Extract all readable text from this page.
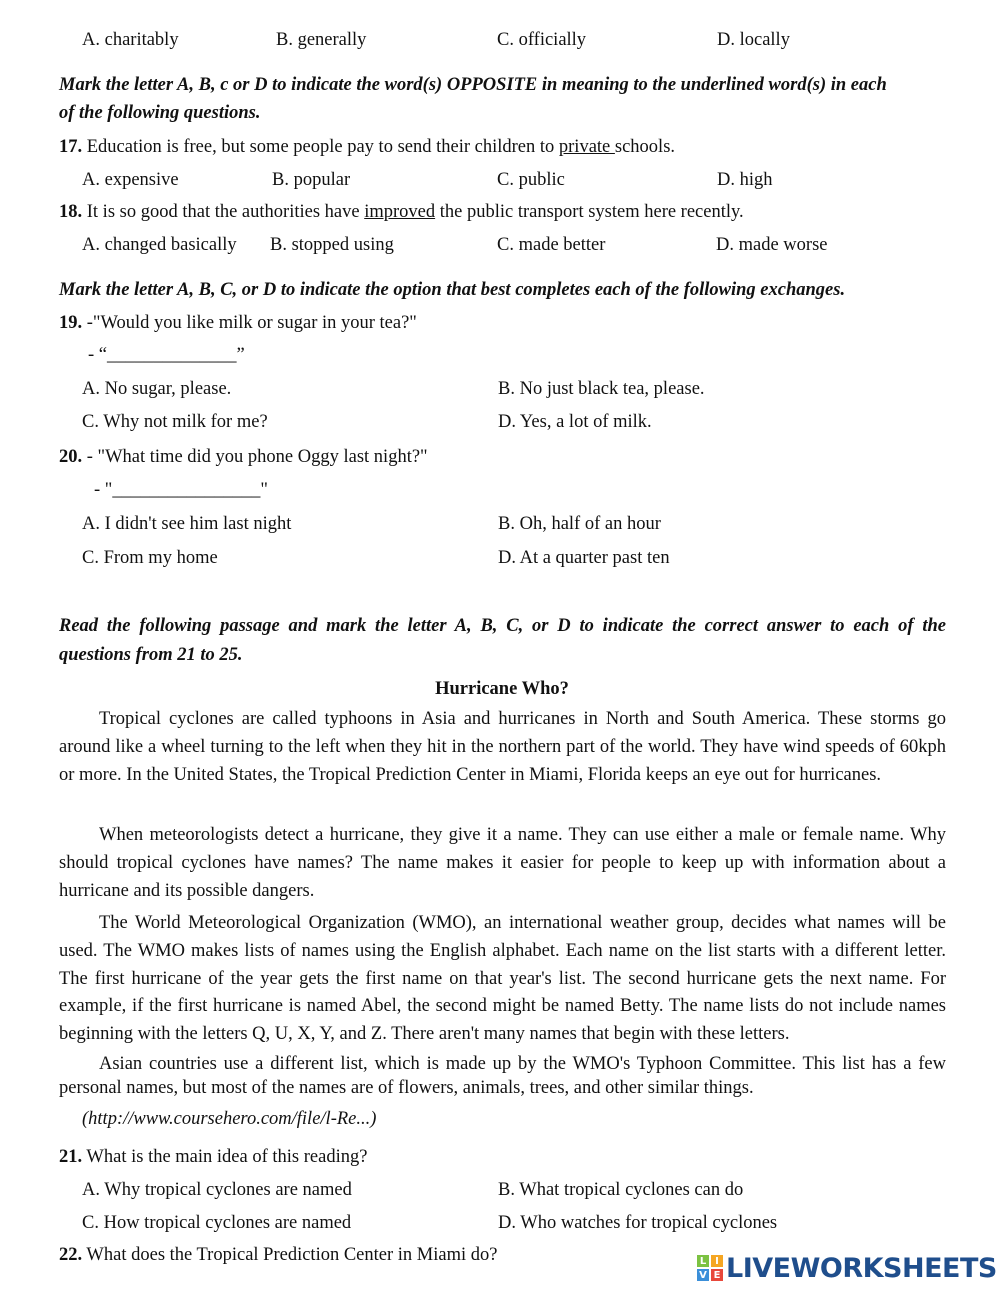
A. charitably	B. generally	C. officially	D. locally
Mark the letter A, B, c or D to indicate the word(s) OPPOSITE in meaning to the underlined word(s) in each
of the following questions.
17. Education is free, but some people pay to send their children to private schools.
A. expensive	B. popular	C. public	D. high
18. It is so good that the authorities have improved the public transport system here recently.
A. changed basically B. stopped using	C. made better	D. made worse
Mark the letter A, B, C, or D to indicate the option that best completes each of the following exchanges.
19. -"Would you like milk or sugar in your tea?"
- “______________”
A. No sugar, please.	B. No just black tea, please.
C. Why not milk for me?	D. Yes, a lot of milk.
20. - "What time did you phone Oggy last night?"
- "________________"
A. I didn't see him last night	B. Oh, half of an hour
C. From my home	D. At a quarter past ten
Read the following passage and mark the letter A, B, C, or D to indicate the correct answer to each of the
questions from 21 to 25.
Hurricane Who?

Tropical cyclones are called typhoons in Asia and hurricanes in North and South America. These storms go around like a wheel turning to the left when they hit in the northern part of the world. They have wind speeds of 60kph or more. In the United States, the Tropical Prediction Center in Miami, Florida keeps an eye out for hurricanes.

When meteorologists detect a hurricane, they give it a name. They can use either a male or female name. Why should tropical cyclones have names? The name makes it easier for people to keep up with information about a hurricane and its possible dangers.

The World Meteorological Organization (WMO), an international weather group, decides what names will be used. The WMO makes lists of names using the English alphabet. Each name on the list starts with a different letter. The first hurricane of the year gets the first name on that year's list. The second hurricane gets the next name. For example, if the first hurricane is named Abel, the second might be named Betty. The name lists do not include names beginning with the letters Q, U, X, Y, and Z. There aren't many names that begin with these letters.

Asian countries use a different list, which is made up by the WMO's Typhoon Committee. This list has a few personal names, but most of the names are of flowers, animals, trees, and other similar things.

(http://www.coursehero.com/file/l-Re...)
21. What is the main idea of this reading?
A. Why tropical cyclones are named	B. What tropical cyclones can do
C. How tropical cyclones are named	D. Who watches for tropical cyclones
22. What does the Tropical Prediction Center in Miami do?	L I
V E LIVEWORKSHEETS
